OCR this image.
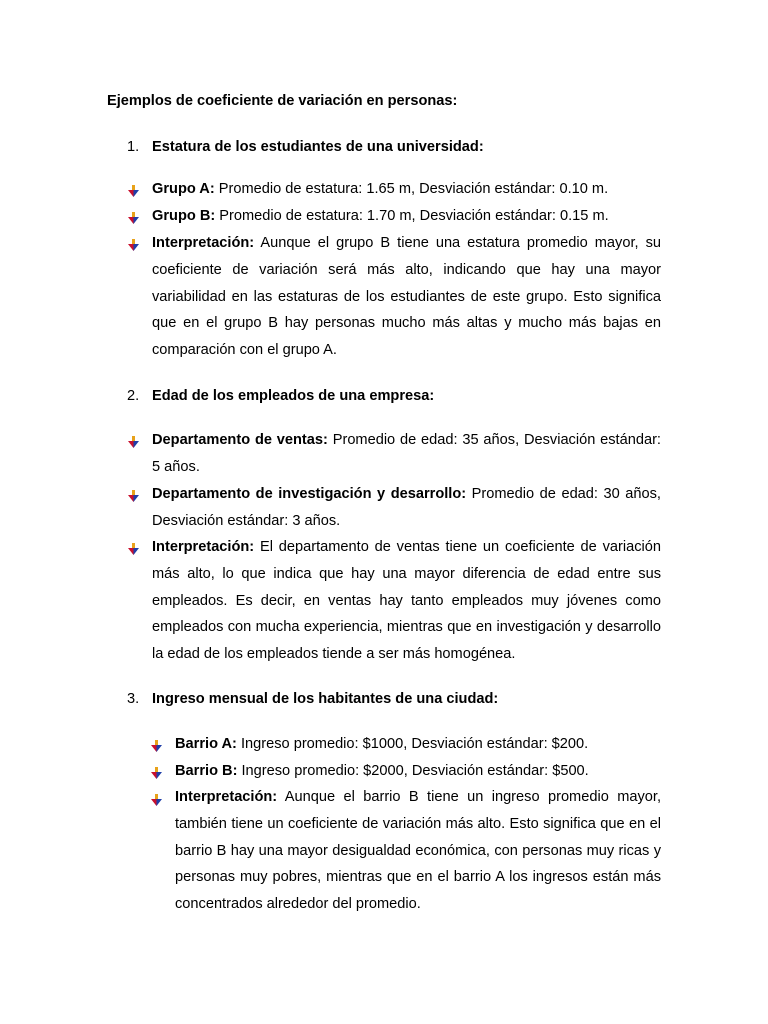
Ejemplos de coeficiente de variación en personas:
1. Estatura de los estudiantes de una universidad:
Grupo A: Promedio de estatura: 1.65 m, Desviación estándar: 0.10 m.
Grupo B: Promedio de estatura: 1.70 m, Desviación estándar: 0.15 m.
Interpretación: Aunque el grupo B tiene una estatura promedio mayor, su coeficiente de variación será más alto, indicando que hay una mayor variabilidad en las estaturas de los estudiantes de este grupo. Esto significa que en el grupo B hay personas mucho más altas y mucho más bajas en comparación con el grupo A.
2. Edad de los empleados de una empresa:
Departamento de ventas: Promedio de edad: 35 años, Desviación estándar: 5 años.
Departamento de investigación y desarrollo: Promedio de edad: 30 años, Desviación estándar: 3 años.
Interpretación: El departamento de ventas tiene un coeficiente de variación más alto, lo que indica que hay una mayor diferencia de edad entre sus empleados. Es decir, en ventas hay tanto empleados muy jóvenes como empleados con mucha experiencia, mientras que en investigación y desarrollo la edad de los empleados tiende a ser más homogénea.
3. Ingreso mensual de los habitantes de una ciudad:
Barrio A: Ingreso promedio: $1000, Desviación estándar: $200.
Barrio B: Ingreso promedio: $2000, Desviación estándar: $500.
Interpretación: Aunque el barrio B tiene un ingreso promedio mayor, también tiene un coeficiente de variación más alto. Esto significa que en el barrio B hay una mayor desigualdad económica, con personas muy ricas y personas muy pobres, mientras que en el barrio A los ingresos están más concentrados alrededor del promedio.
